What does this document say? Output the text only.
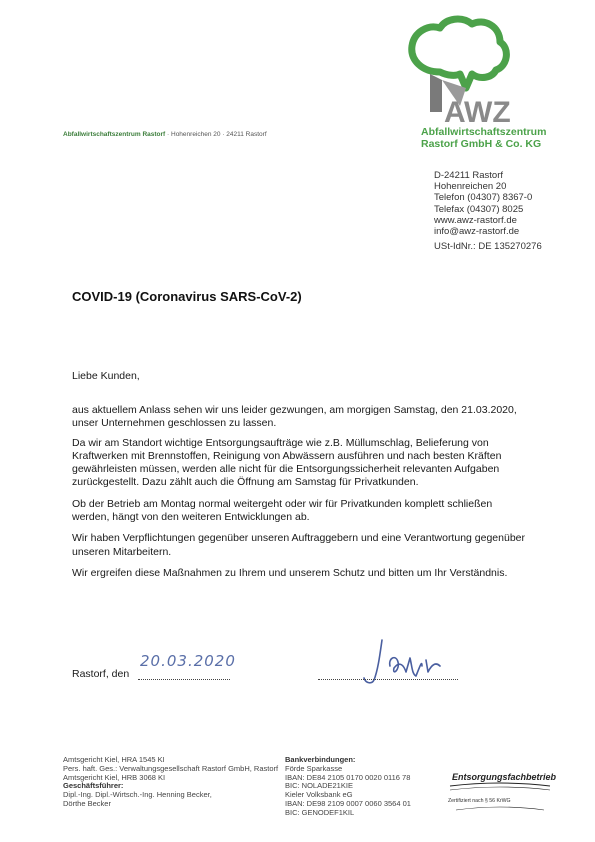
AWZ
Abfallwirtschaftszentrum
Rastorf GmbH & Co. KG
Abfallwirtschaftszentrum Rastorf · Hohenreichen 20 · 24211 Rastorf
D-24211 Rastorf
Hohenreichen 20
Telefon (04307) 8367-0
Telefax (04307) 8025
www.awz-rastorf.de
info@awz-rastorf.de
USt-IdNr.: DE 135270276
COVID-19 (Coronavirus SARS-CoV-2)
Liebe Kunden,

aus aktuellem Anlass sehen wir uns leider gezwungen, am morgigen Samstag, den 21.03.2020, unser Unternehmen geschlossen zu lassen.

Da wir am Standort wichtige Entsorgungsaufträge wie z.B. Müllumschlag, Belieferung von Kraftwerken mit Brennstoffen, Reinigung von Abwässern ausführen und nach besten Kräften gewährleisten müssen, werden alle nicht für die Entsorgungssicherheit relevanten Aufgaben zurückgestellt. Dazu zählt auch die Öffnung am Samstag für Privatkunden.

Ob der Betrieb am Montag normal weitergeht oder wir für Privatkunden komplett schließen werden, hängt von den weiteren Entwicklungen ab.

Wir haben Verpflichtungen gegenüber unseren Auftraggebern und eine Verantwortung gegenüber unseren Mitarbeitern.

Wir ergreifen diese Maßnahmen zu Ihrem und unserem Schutz und bitten um Ihr Verständnis.

Rastorf, den
20.03.2020
Amtsgericht Kiel, HRA 1545 KI
Pers. haft. Ges.: Verwaltungsgesellschaft Rastorf GmbH, Rastorf
Amtsgericht Kiel, HRB 3068 KI
Geschäftsführer:
Dipl.-Ing. Dipl.-Wirtsch.-Ing. Henning Becker,
Dörthe Becker
Bankverbindungen:
Förde Sparkasse
IBAN: DE84 2105 0170 0020 0116 78
BIC: NOLADE21KIE
Kieler Volksbank eG
IBAN: DE98 2109 0007 0060 3564 01
BIC: GENODEF1KIL
Entsorgungsfachbetrieb
Zertifiziert nach § 56 KrWG
